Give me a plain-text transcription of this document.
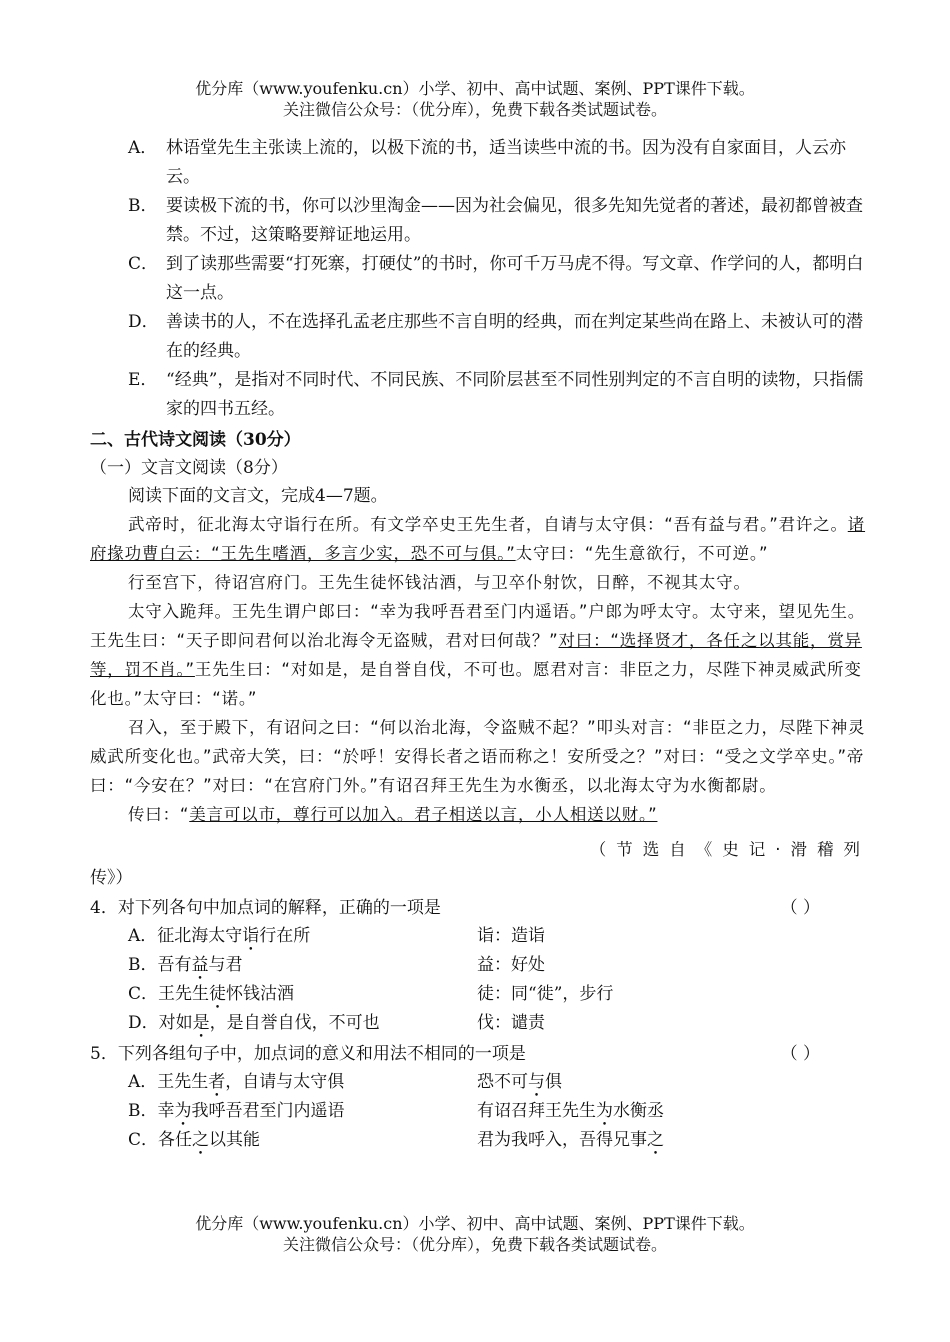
优分库（www.youfenku.cn）小学、初中、高中试题、案例、PPT课件下载。
关注微信公众号：（优分库），免费下载各类试题试卷。
A． 林语堂先生主张读上流的，以极下流的书，适当读些中流的书。因为没有自家面目，人云亦云。
B． 要读极下流的书，你可以沙里淘金——因为社会偏见，很多先知先觉者的著述，最初都曾被查禁。不过，这策略要辩证地运用。
C． 到了读那些需要“打死寨，打硬仗”的书时，你可千万马虎不得。写文章、作学问的人，都明白这一点。
D． 善读书的人，不在选择孔孟老庄那些不言自明的经典，而在判定某些尚在路上、未被认可的潜在的经典。
E． “经典”，是指对不同时代、不同民族、不同阶层甚至不同性别判定的不言自明的读物，只指儒家的四书五经。
二、古代诗文阅读（30分）
（一）文言文阅读（8分）
阅读下面的文言文，完成4—7题。
武帝时，征北海太守诣行在所。有文学卒史王先生者，自请与太守俱：“吾有益与君。”君许之。诸府掾功曹白云：“王先生嗜酒，多言少实，恐不可与俱。”太守曰：“先生意欲行，不可逆。”
行至宫下，待诏宫府门。王先生徒怀钱沽酒，与卫卒仆射饮，日醉，不视其太守。
太守入跪拜。王先生谓户郎曰：“幸为我呼吾君至门内遥语。”户郎为呼太守。太守来，望见先生。王先生曰：“天子即问君何以治北海令无盗贼，君对曰何哉？”对曰：“选择贤才，各任之以其能，赏异等，罚不肖。”王先生曰：“对如是，是自誉自伐，不可也。愿君对言：非臣之力，尽陛下神灵威武所变化也。”太守曰：“诺。”
召入，至于殿下，有诏问之曰：“何以治北海，令盗贼不起？”叩头对言：“非臣之力，尽陛下神灵威武所变化也。”武帝大笑，曰：“於呼！安得长者之语而称之！安所受之？”对曰：“受之文学卒史。”帝曰：“今安在？”对曰：“在宫府门外。”有诏召拜王先生为水衡丞，以北海太守为水衡都尉。
传曰：“美言可以市，尊行可以加入。君子相送以言，小人相送以财。”
（节选自《史记·滑稽列
传》）
4．对下列各句中加点词的解释，正确的一项是	（ ）
A．征北海太守诣行在所	诣：造诣
B．吾有益与君	益：好处
C．王先生徒怀钱沽酒	徒：同“徙”，步行
D．对如是，是自誉自伐，不可也	伐：谴责
5．下列各组句子中，加点词的意义和用法不相同的一项是	（ ）
A．王先生者，自请与太守俱	恐不可与俱
B．幸为我呼吾君至门内遥语	有诏召拜王先生为水衡丞
C．各任之以其能	君为我呼入，吾得兄事之
优分库（www.youfenku.cn）小学、初中、高中试题、案例、PPT课件下载。
关注微信公众号：（优分库），免费下载各类试题试卷。
